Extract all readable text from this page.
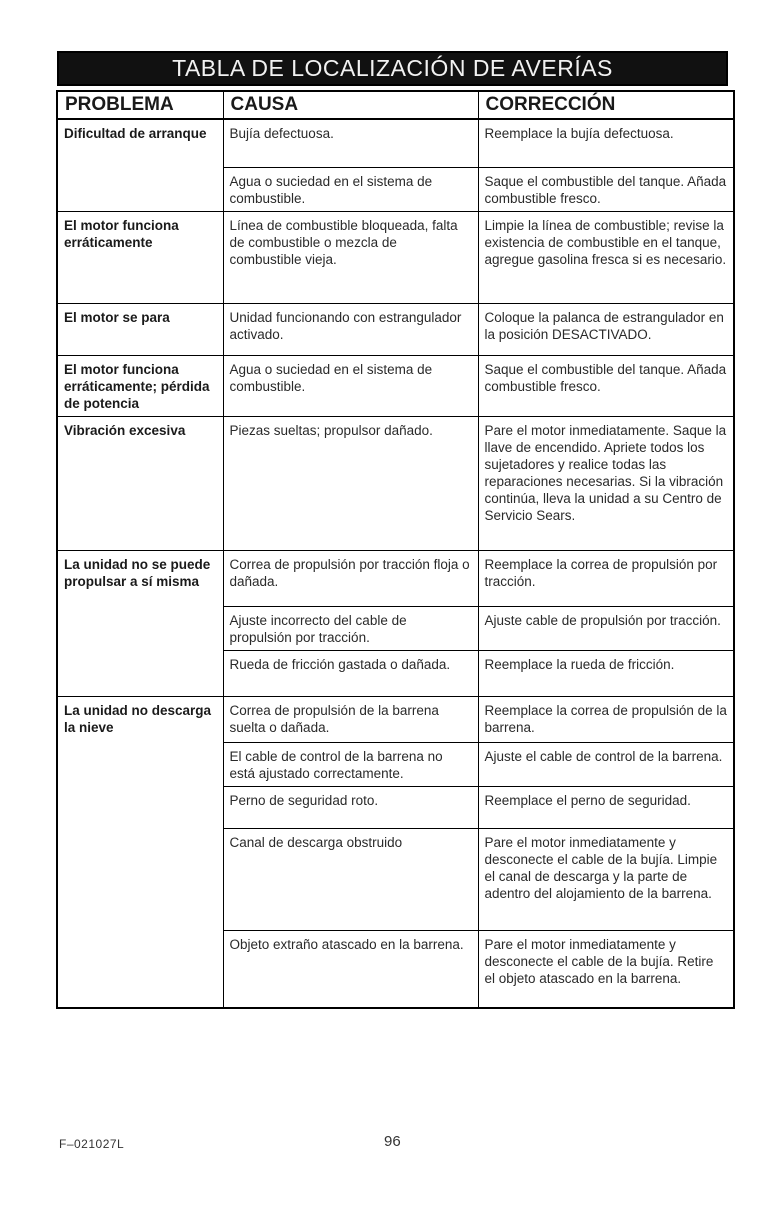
TABLA DE LOCALIZACIÓN DE AVERÍAS
PROBLEMA	CAUSA	CORRECCIÓN
Dificultad de arranque	Bujía defectuosa.	Reemplace la bujía defectuosa.
	Agua o suciedad en el sistema de combustible.	Saque el combustible del tanque. Añada combustible fresco.
El motor funciona erráticamente	Línea de combustible bloqueada, falta de combustible o mezcla de combustible vieja.	Limpie la línea de combustible; revise la existencia de combustible en el tanque, agregue gasolina fresca si es necesario.
El motor se para	Unidad funcionando con estrangulador activado.	Coloque la palanca de estrangulador en la posición DESACTIVADO.
El motor funciona erráticamente; pérdida de potencia	Agua o suciedad en el sistema de combustible.	Saque el combustible del tanque. Añada combustible fresco.
Vibración excesiva	Piezas sueltas; propulsor dañado.	Pare el motor inmediatamente. Saque la llave de encendido. Apriete todos los sujetadores y realice todas las reparaciones necesarias. Si la vibración continúa, lleva la unidad a su Centro de Servicio Sears.
La unidad no se puede propulsar a sí misma	Correa de propulsión por tracción floja o dañada.	Reemplace la correa de propulsión por tracción.
	Ajuste incorrecto del cable de propulsión por tracción.	Ajuste cable de propulsión por tracción.
	Rueda de fricción gastada o dañada.	Reemplace la rueda de fricción.
La unidad no descarga la nieve	Correa de propulsión de la barrena suelta o dañada.	Reemplace la correa de propulsión de la barrena.
	El cable de control de la barrena no está ajustado correctamente.	Ajuste el cable de control de la barrena.
	Perno de seguridad roto.	Reemplace el perno de seguridad.
	Canal de descarga obstruido	Pare el motor inmediatamente y desconecte el cable de la bujía. Limpie el canal de descarga y la parte de adentro del alojamiento de la barrena.
	Objeto extraño atascado en la barrena.	Pare el motor inmediatamente y desconecte el cable de la bujía. Retire el objeto atascado en la barrena.
F–021027L	96
